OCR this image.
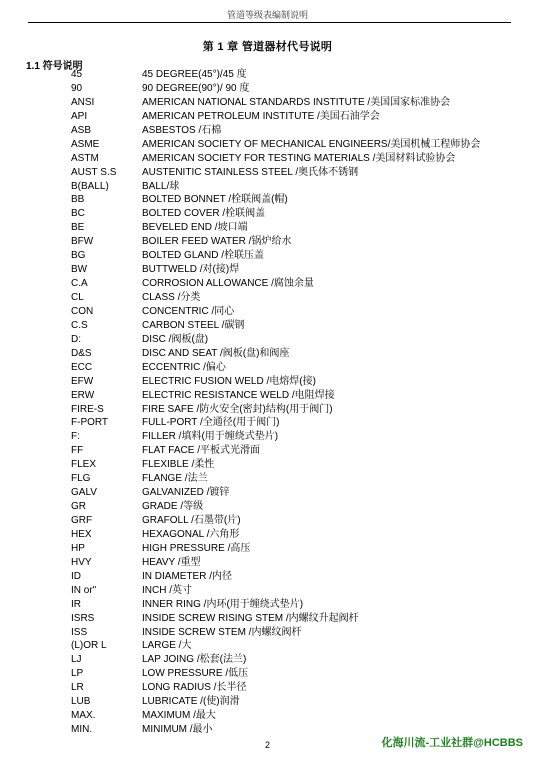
管道等级表编制说明
第 1 章 管道器材代号说明
1.1 符号说明
45	45 DEGREE(45°)/45 度
90	90 DEGREE(90°)/ 90 度
ANSI	AMERICAN NATIONAL STANDARDS INSTITUTE /美国国家标准协会
API	AMERICAN PETROLEUM INSTITUTE /美国石油学会
ASB	ASBESTOS /石棉
ASME	AMERICAN SOCIETY OF MECHANICAL ENGINEERS/美国机械工程师协会
ASTM	AMERICAN SOCIETY FOR TESTING MATERIALS /美国材料试验协会
AUST S.S	AUSTENITIC STAINLESS STEEL /奥氏体不锈钢
B(BALL)	BALL/球
BB	BOLTED BONNET /栓联阀盖(帽)
BC	BOLTED COVER /栓联阀盖
BE	BEVELED END /坡口端
BFW	BOILER FEED WATER /锅炉给水
BG	BOLTED GLAND /栓联压盖
BW	BUTTWELD /对(接)焊
C.A	CORROSION ALLOWANCE /腐蚀余量
CL	CLASS /分类
CON	CONCENTRIC /同心
C.S	CARBON STEEL /碳钢
D:	DISC /阀板(盘)
D&S	DISC AND SEAT /阀板(盘)和阀座
ECC	ECCENTRIC /偏心
EFW	ELECTRIC FUSION WELD /电熔焊(接)
ERW	ELECTRIC RESISTANCE WELD /电阻焊接
FIRE-S	FIRE SAFE /防火安全(密封)结构(用于阀门)
F-PORT	FULL-PORT /全通径(用于阀门)
F:	FILLER /填料(用于缠绕式垫片)
FF	FLAT FACE /平板式光滑面
FLEX	FLEXIBLE /柔性
FLG	FLANGE /法兰
GALV	GALVANIZED /镀锌
GR	GRADE /等级
GRF	GRAFOLL /石墨带(片)
HEX	HEXAGONAL /六角形
HP	HIGH PRESSURE /高压
HVY	HEAVY /重型
ID	IN DIAMETER /内径
IN or"	INCH /英寸
IR	INNER RING /内环(用于缠绕式垫片)
ISRS	INSIDE SCREW RISING STEM /内螺纹升起阀杆
ISS	INSIDE SCREW STEM /内螺纹阀杆
(L)OR L	LARGE /大
LJ	LAP JOING /松套(法兰)
LP	LOW PRESSURE /低压
LR	LONG RADIUS /长半径
LUB	LUBRICATE /(使)润滑
MAX.	MAXIMUM /最大
MIN.	MINIMUM /最小
2	化海川流-工业社群@HCBBS
